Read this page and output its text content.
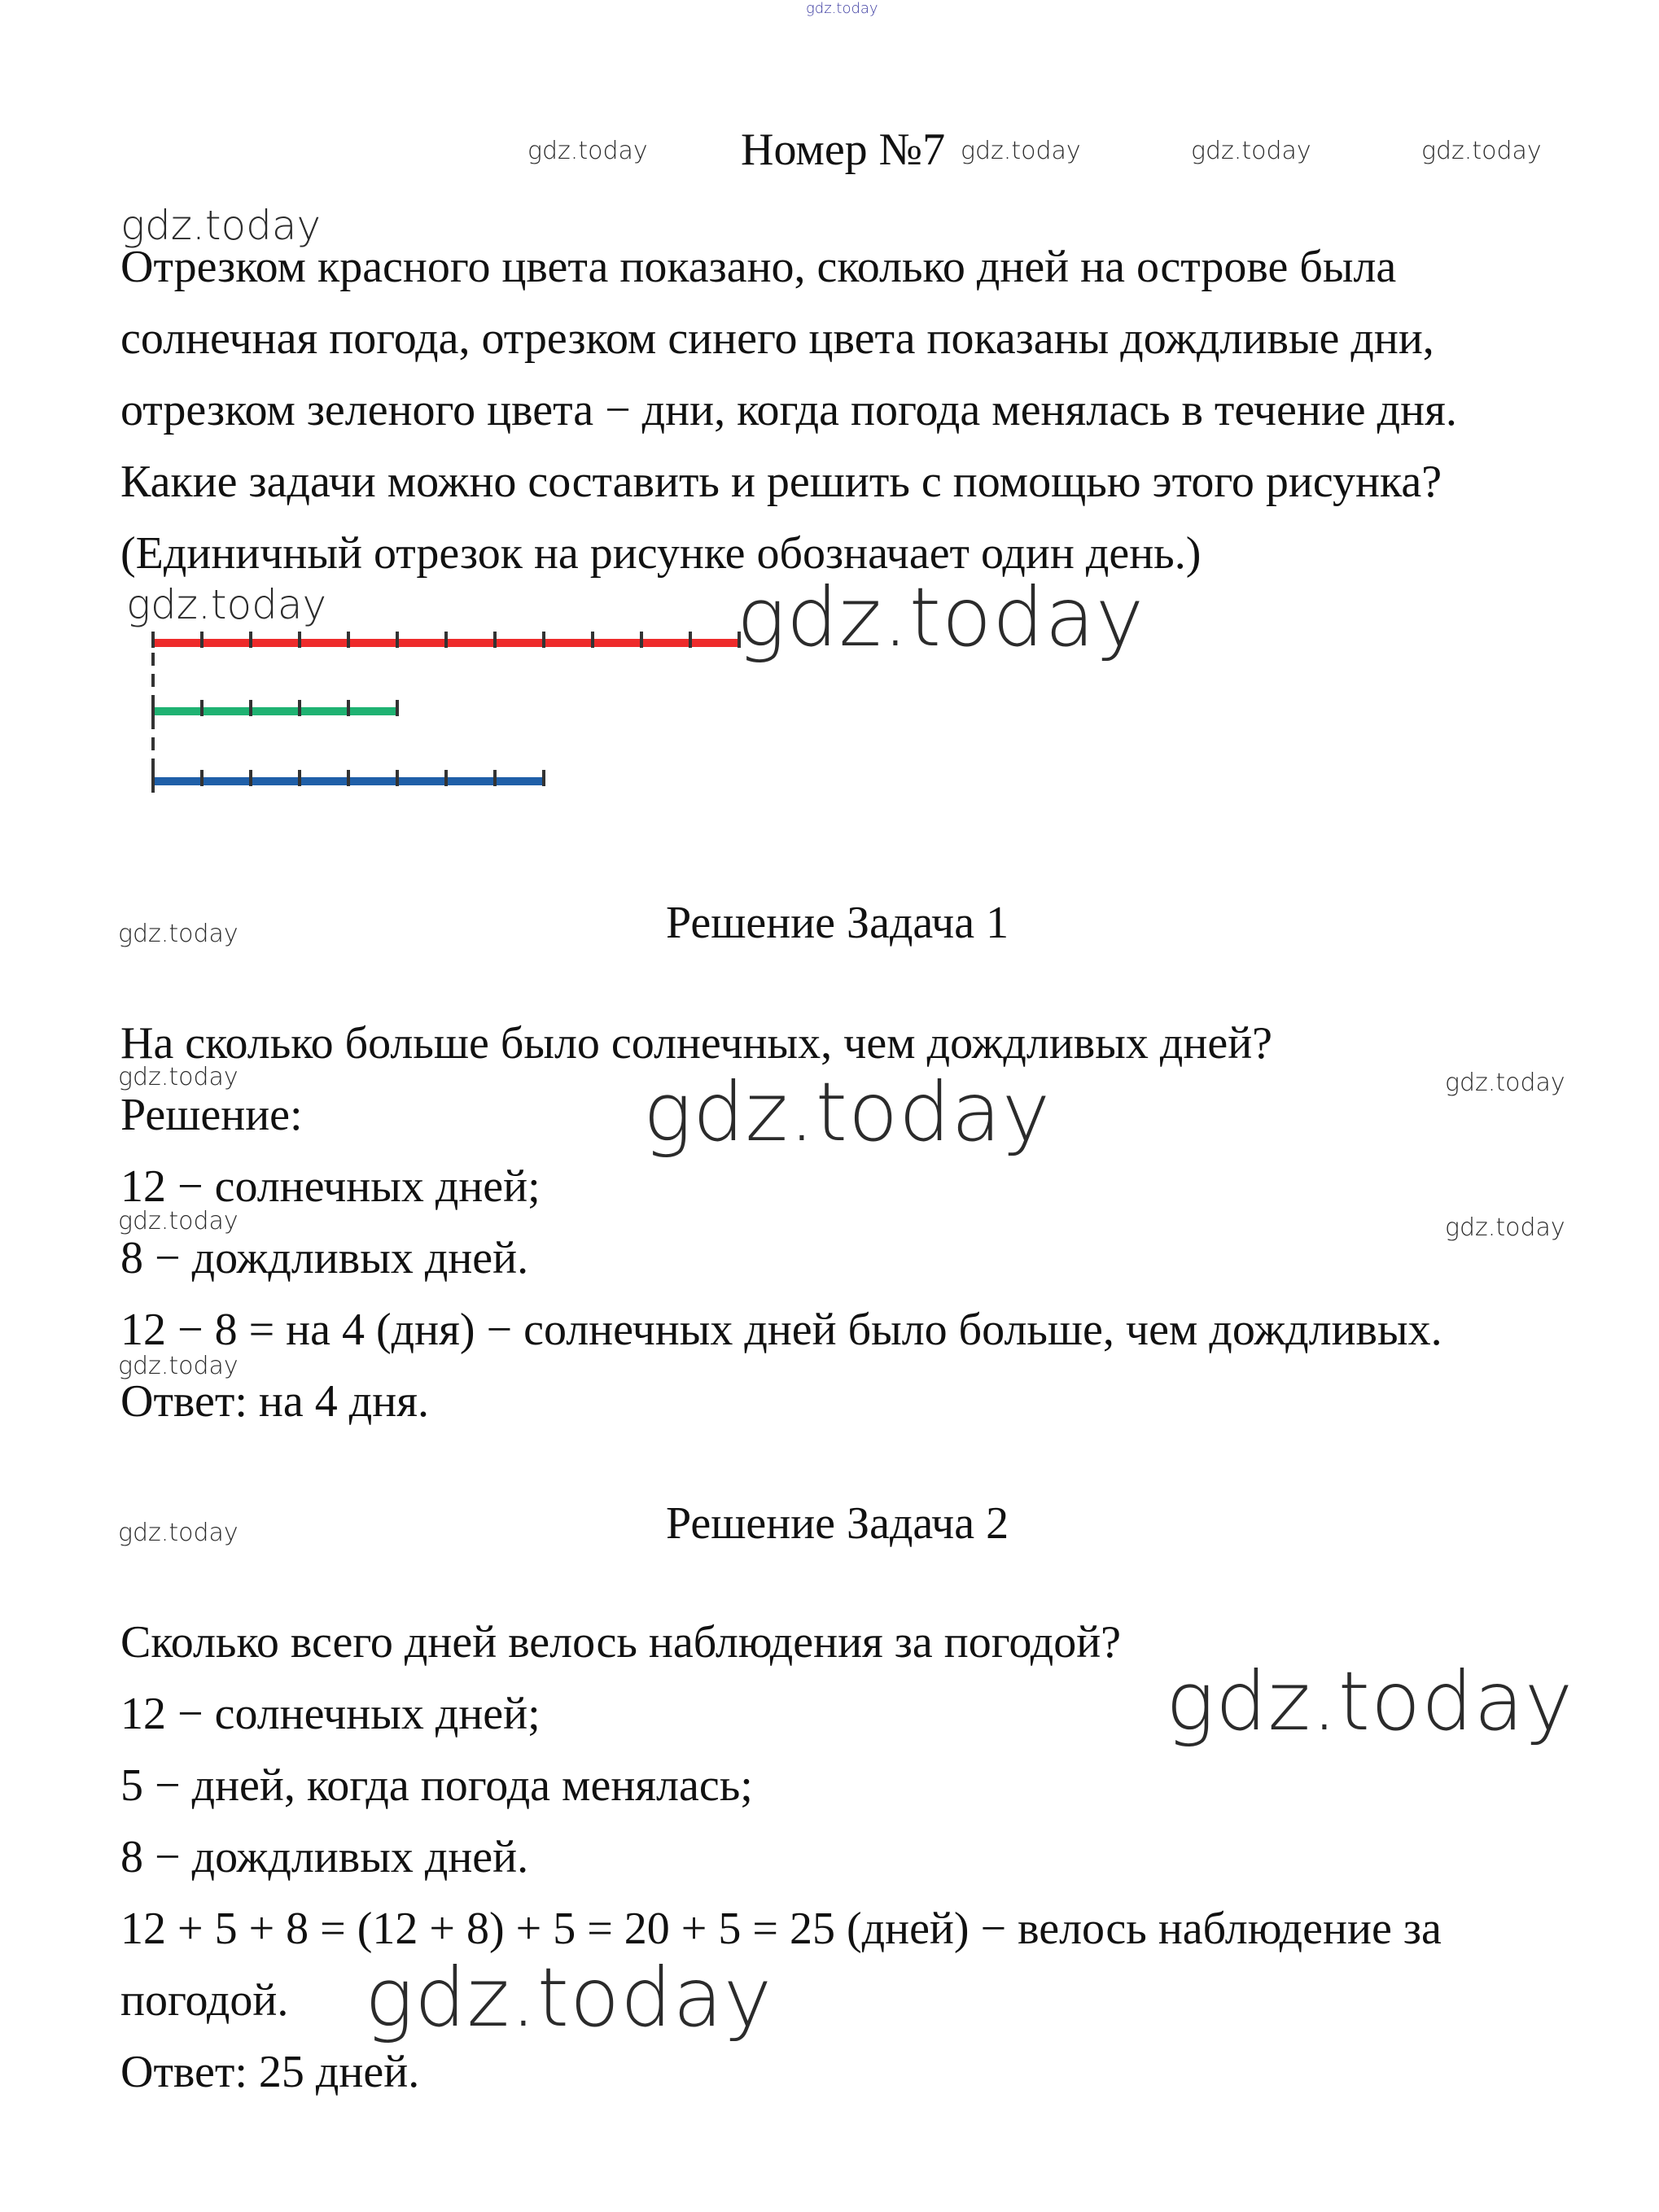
gdz.today
gdz.today Номер №7 gdz.today	gdz.today	gdz.today
gdz.today
Отрезком красного цвета показано, сколько дней на острове была
солнечная погода, отрезком синего цвета показаны дождливые дни,
отрезком зеленого цвета − дни, когда погода менялась в течение дня.
Какие задачи можно составить и решить с помощью этого рисунка?
(Единичный отрезок на рисунке обозначает один день.)
gdz.today	gdz.today
gdz.today	Решение Задача 1
На сколько больше было солнечных, чем дождливых дней?
gdz.today	gdz.today	gdz.today
Решение:
12 − солнечных дней;
gdz.today	gdz.today
8 − дождливых дней.
12 − 8 = на 4 (дня) − солнечных дней было больше, чем дождливых.
gdz.today
Ответ: на 4 дня.
gdz.today	Решение Задача 2
Сколько всего дней велось наблюдения за погодой?
12 − солнечных дней;	gdz.today
5 − дней, когда погода менялась;
8 − дождливых дней.
12 + 5 + 8 = (12 + 8) + 5 = 20 + 5 = 25 (дней) − велось наблюдение за
погодой. gdz.today
Ответ: 25 дней.
